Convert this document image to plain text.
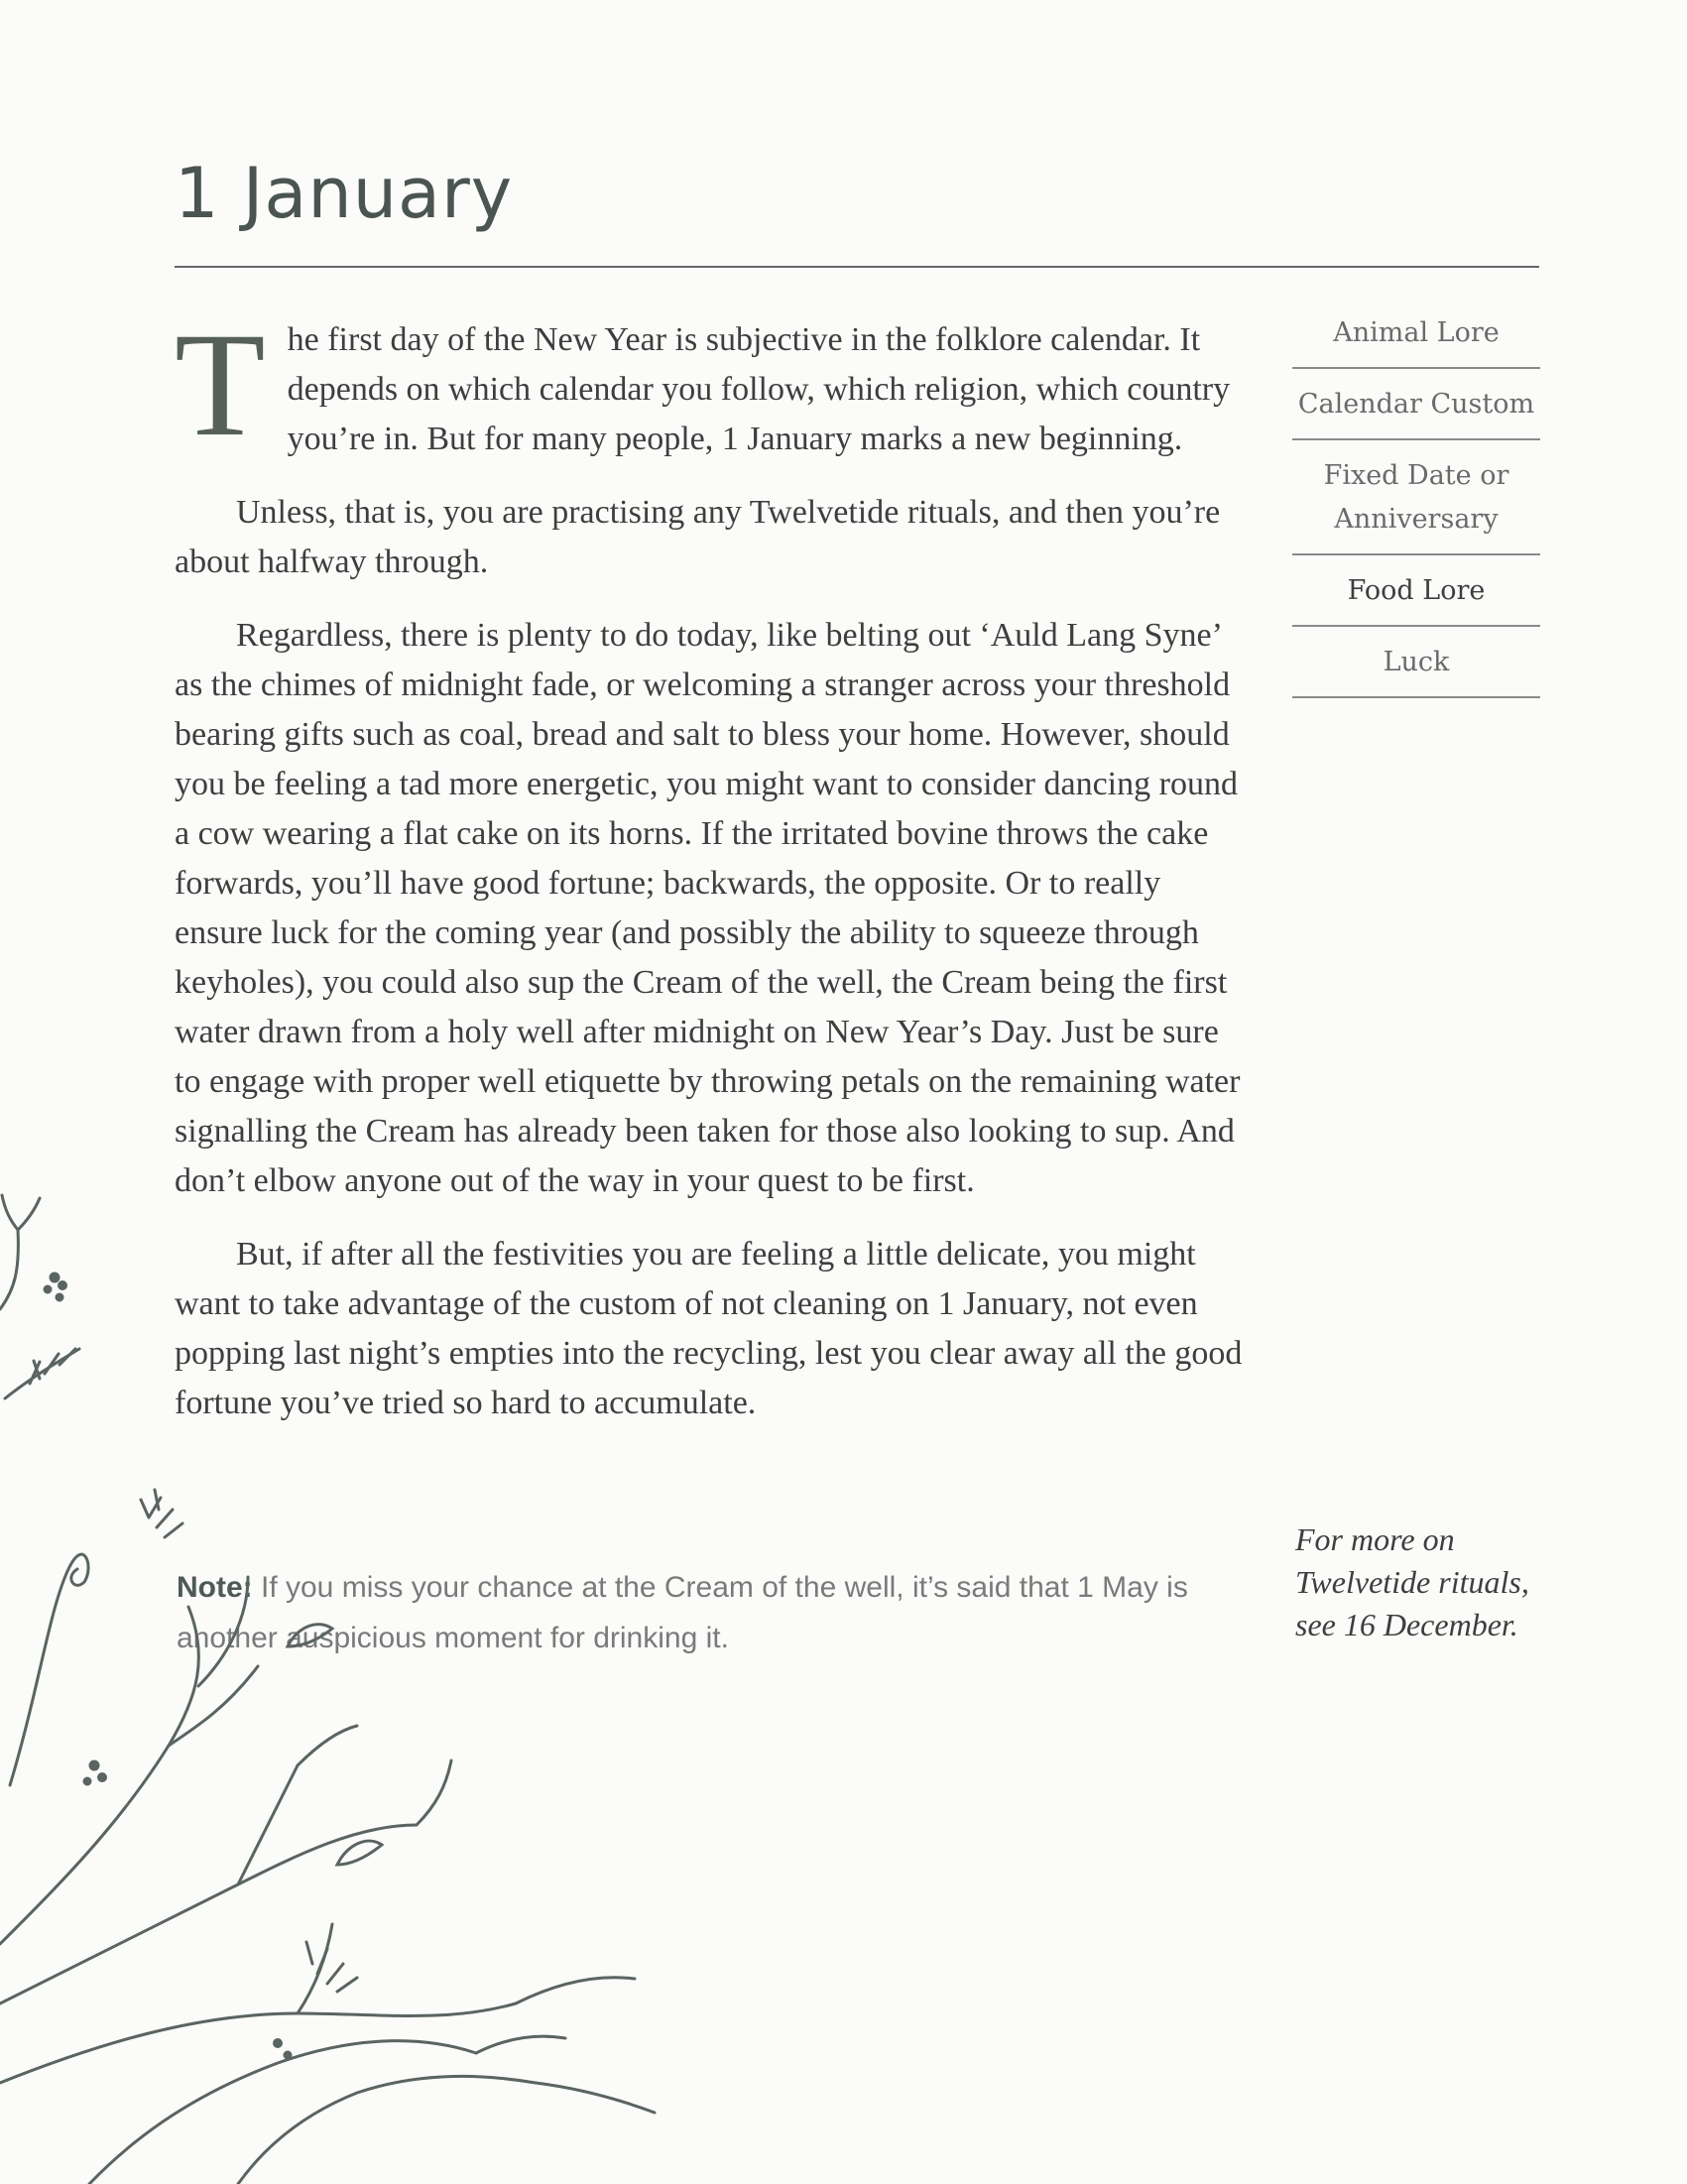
1 January

The first day of the New Year is subjective in the folklore calendar. It depends on which calendar you follow, which religion, which country you’re in. But for many people, 1 January marks a new beginning.

Unless, that is, you are practising any Twelvetide rituals, and then you’re about halfway through.

Regardless, there is plenty to do today, like belting out ‘Auld Lang Syne’ as the chimes of midnight fade, or welcoming a stranger across your threshold bearing gifts such as coal, bread and salt to bless your home. However, should you be feeling a tad more energetic, you might want to consider dancing round a cow wearing a flat cake on its horns. If the irritated bovine throws the cake forwards, you’ll have good fortune; backwards, the opposite. Or to really ensure luck for the coming year (and possibly the ability to squeeze through keyholes), you could also sup the Cream of the well, the Cream being the first water drawn from a holy well after midnight on New Year’s Day. Just be sure to engage with proper well etiquette by throwing petals on the remaining water signalling the Cream has already been taken for those also looking to sup. And don’t elbow anyone out of the way in your quest to be first.

But, if after all the festivities you are feeling a little delicate, you might want to take advantage of the custom of not cleaning on 1 January, not even popping last night’s empties into the recycling, lest you clear away all the good fortune you’ve tried so hard to accumulate.

Note: If you miss your chance at the Cream of the well, it’s said that 1 May is another auspicious moment for drinking it.

Animal Lore
Calendar Custom
Fixed Date or Anniversary
Food Lore
Luck

For more on Twelvetide rituals, see 16 December.
